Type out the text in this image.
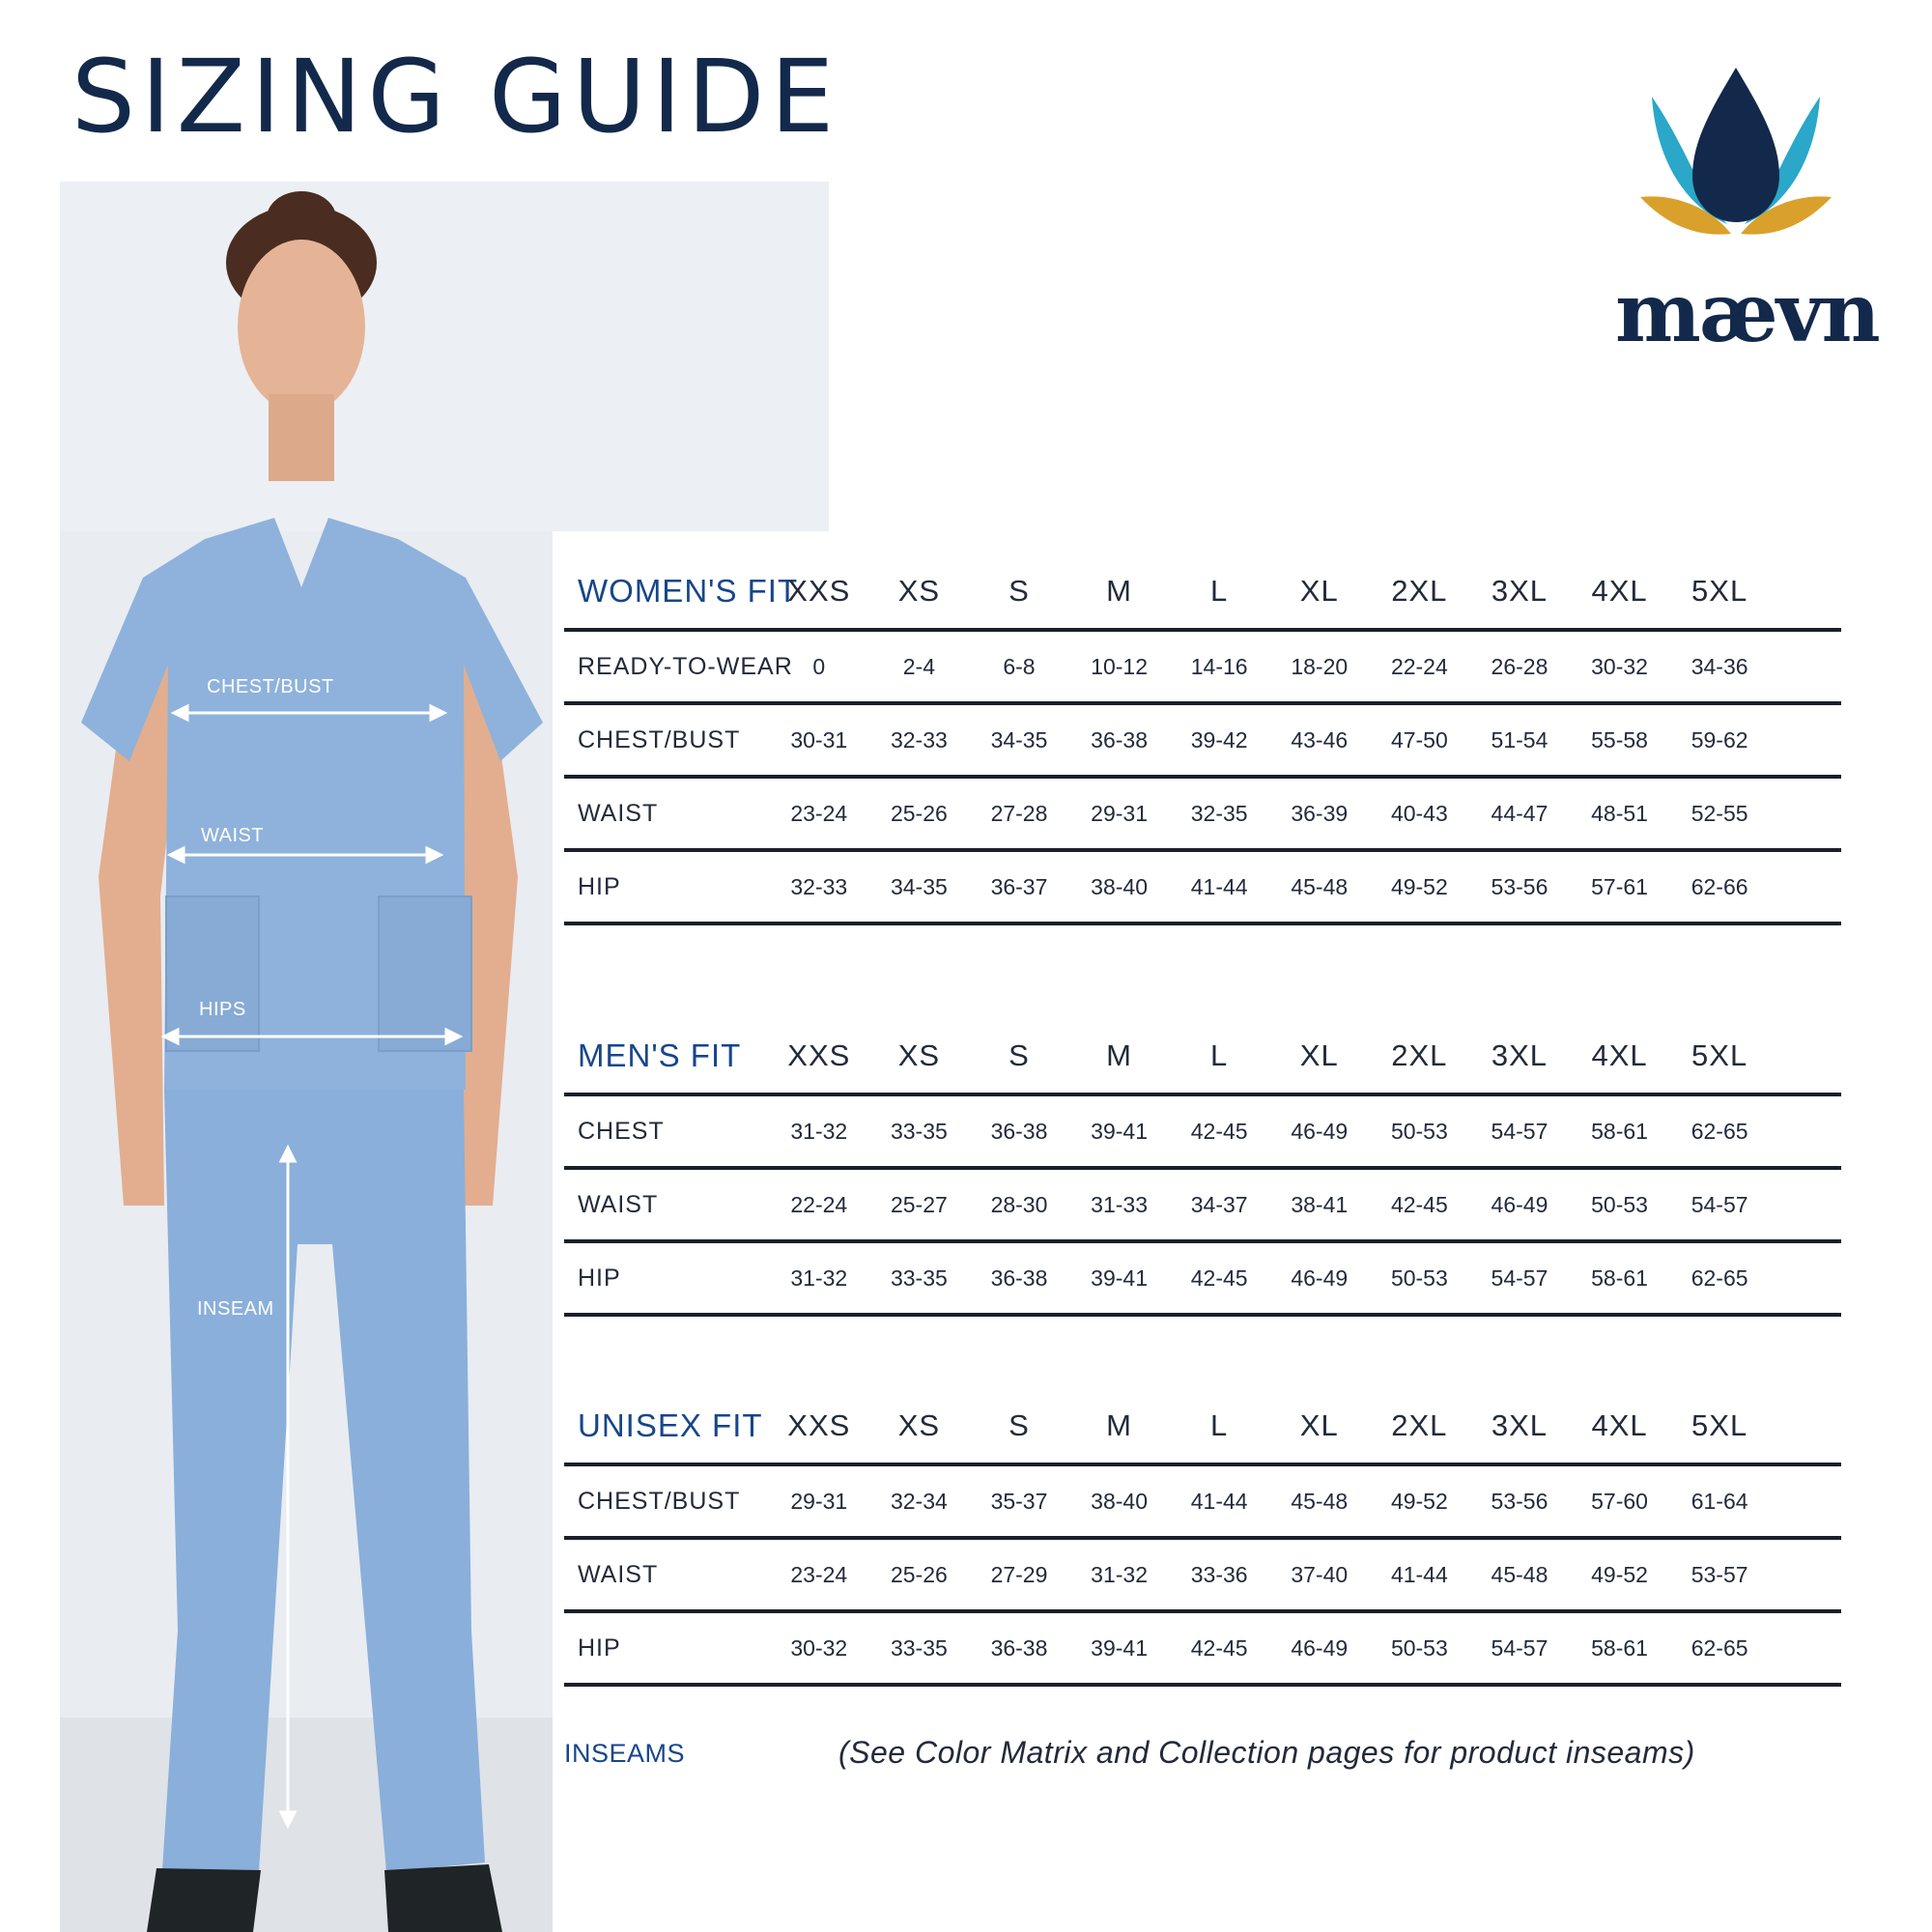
SIZING GUIDE
mævn
CHEST/BUST
WAIST
HIPS
INSEAM
WOMEN'S FIT
XXS	XS	S	M	L	XL	2XL	3XL	4XL	5XL
READY-TO-WEAR 0	2-4	6-8	10-12	14-16	18-20	22-24	26-28	30-32	34-36
CHEST/BUST	30-31	32-33	34-35	36-38	39-42	43-46	47-50	51-54	55-58	59-62
WAIST	23-24	25-26	27-28	29-31	32-35	36-39	40-43	44-47	48-51	52-55
HIP	32-33	34-35	36-37	38-40	41-44	45-48	49-52	53-56	57-61	62-66
MEN'S FIT	XXS	XS	S	M	L	XL	2XL	3XL	4XL	5XL
CHEST	31-32	33-35	36-38	39-41	42-45	46-49	50-53	54-57	58-61	62-65
WAIST	22-24	25-27	28-30	31-33	34-37	38-41	42-45	46-49	50-53	54-57
HIP	31-32	33-35	36-38	39-41	42-45	46-49	50-53	54-57	58-61	62-65
UNISEX FIT XXS	XS	S	M	L	XL	2XL	3XL	4XL	5XL
CHEST/BUST	29-31	32-34	35-37	38-40	41-44	45-48	49-52	53-56	57-60	61-64
WAIST	23-24	25-26	27-29	31-32	33-36	37-40	41-44	45-48	49-52	53-57
HIP	30-32	33-35	36-38	39-41	42-45	46-49	50-53	54-57	58-61	62-65
INSEAMS	(See Color Matrix and Collection pages for product inseams)
